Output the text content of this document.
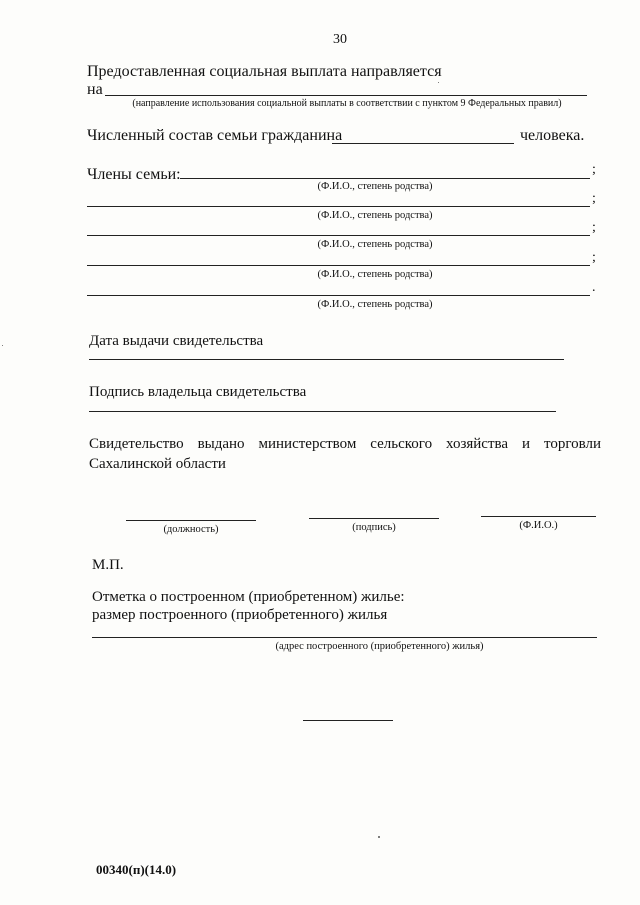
30
Предоставленная социальная выплата направляется
на
(направление использования социальной выплаты в соответствии с пунктом 9 Федеральных правил)
Численный состав семьи гражданина	человека.
Члены семьи:	;
(Ф.И.О., степень родства)
;
(Ф.И.О., степень родства)
;
(Ф.И.О., степень родства)
;
(Ф.И.О., степень родства)
.
(Ф.И.О., степень родства)
Дата выдачи свидетельства
Подпись владельца свидетельства
Свидетельство выдано министерством сельского хозяйства и торговли
Сахалинской области
(должность)	(подпись)	(Ф.И.О.)
М.П.
Отметка о построенном (приобретенном) жилье:
размер построенного (приобретенного) жилья
(адрес построенного (приобретенного) жилья)
00340(п)(14.0)
